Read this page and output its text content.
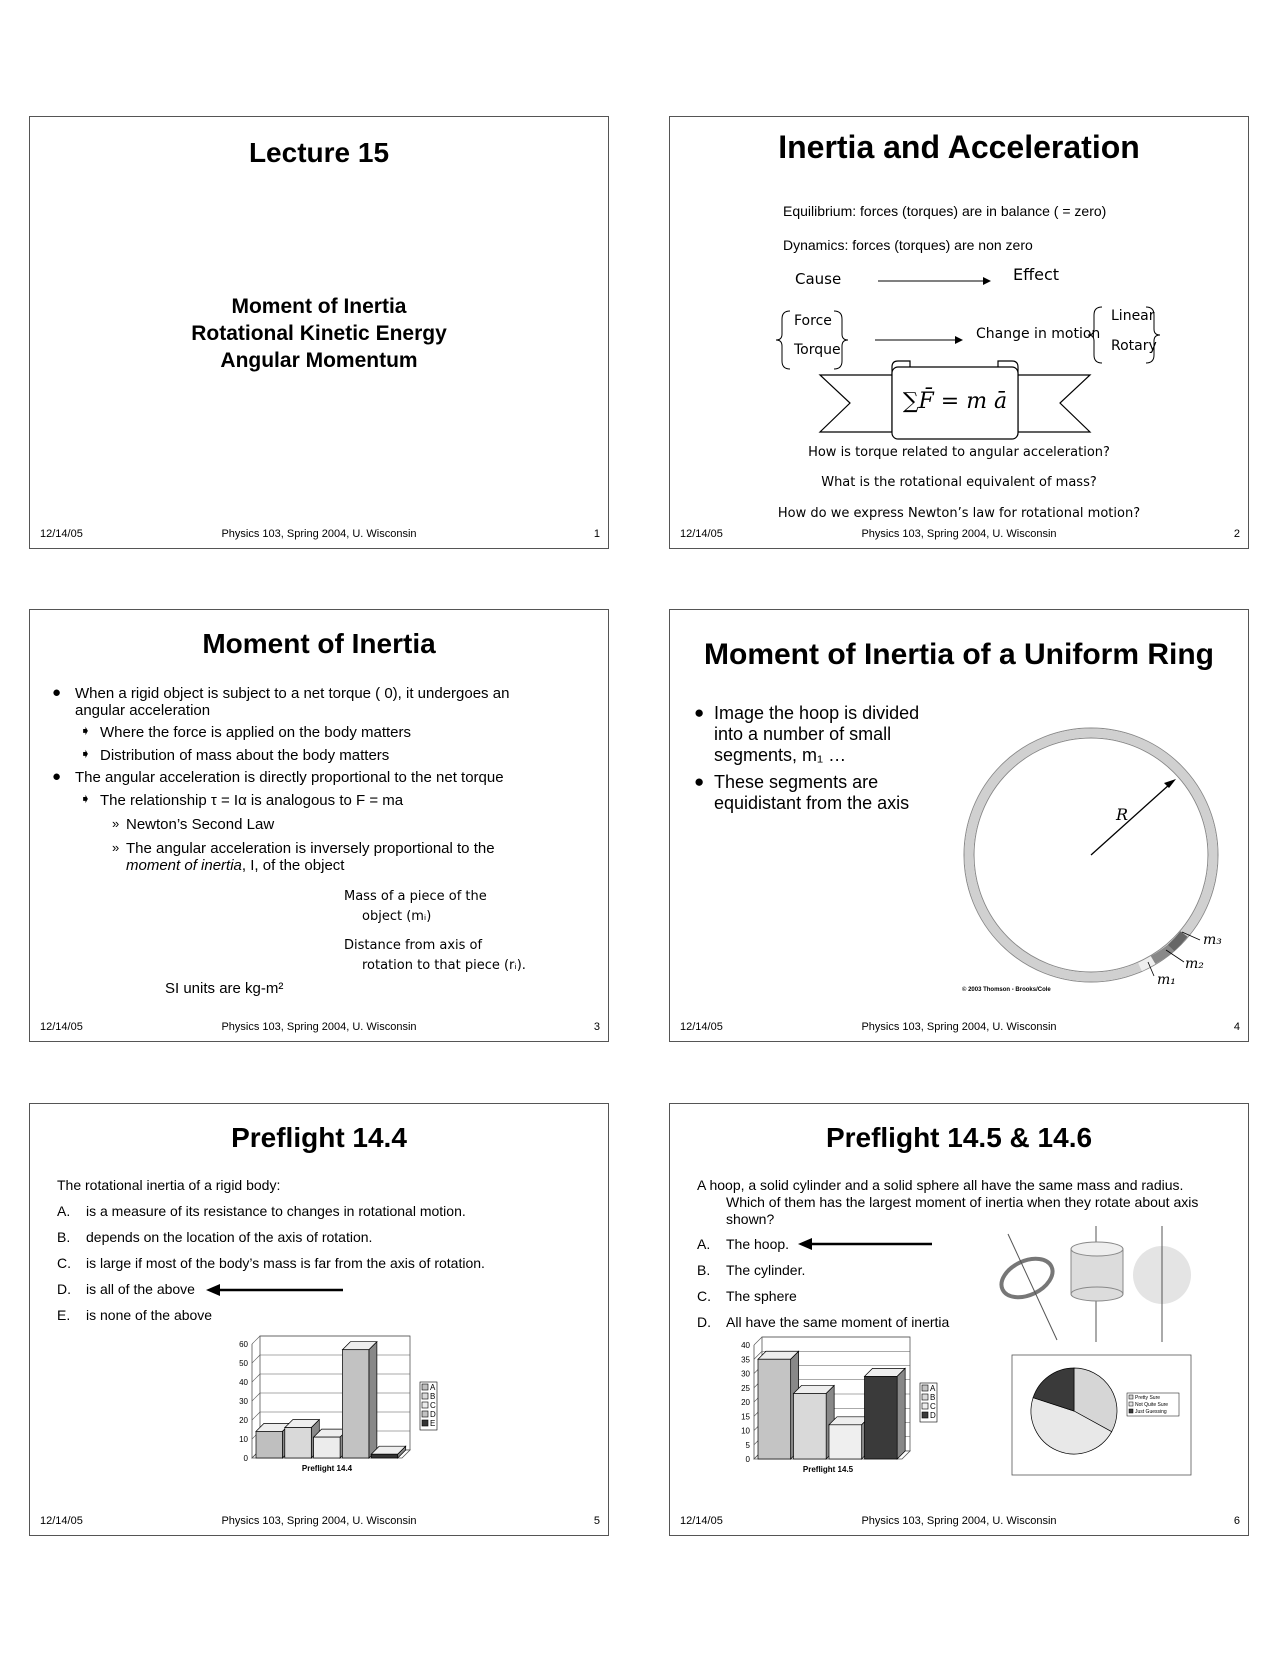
Lecture 15
Moment of Inertia
Rotational Kinetic Energy
Angular Momentum
12/14/05	Physics 103, Spring 2004, U. Wisconsin	1
Inertia and Acceleration
Equilibrium: forces (torques) are in balance ( = zero)
Dynamics: forces (torques) are non zero
Cause	Effect
Force
Torque
Change in motion
Linear
Rotary
∑F̄ = m ā
How is torque related to angular acceleration?
What is the rotational equivalent of mass?
How do we express Newton’s law for rotational motion?
12/14/05	Physics 103, Spring 2004, U. Wisconsin	2
Moment of Inertia
● When a rigid object is subject to a net torque ( 0), it undergoes an
angular acceleration
➧ Where the force is applied on the body matters
➧ Distribution of mass about the body matters
● The angular acceleration is directly proportional to the net torque
➧ The relationship τ = Iα is analogous to F = ma
» Newton’s Second Law
» The angular acceleration is inversely proportional to the
moment of inertia, I, of the object
Mass of a piece of the
object (mᵢ)
Distance from axis of
rotation to that piece (rᵢ).
SI units are kg-m²
12/14/05	Physics 103, Spring 2004, U. Wisconsin	3
Moment of Inertia of a Uniform Ring
● Image the hoop is divided
into a number of small
segments, m₁ …
● These segments are
equidistant from the axis
R
m₃
m₂
m₁
© 2003 Thomson - Brooks/Cole
12/14/05	Physics 103, Spring 2004, U. Wisconsin	4
Preflight 14.4
The rotational inertia of a rigid body:
A. is a measure of its resistance to changes in rotational motion.
B. depends on the location of the axis of rotation.
C. is large if most of the body’s mass is far from the axis of rotation.
D. is all of the above
E. is none of the above
0
10
20
30
40
50
60
Preflight 14.4
A
B
C
D
E
12/14/05	Physics 103, Spring 2004, U. Wisconsin	5
Preflight 14.5 & 14.6
A hoop, a solid cylinder and a solid sphere all have the same mass and radius.
Which of them has the largest moment of inertia when they rotate about axis
shown?
A. The hoop.
B. The cylinder.
C. The sphere
D. All have the same moment of inertia
0
5
10
15
20
25
30
35
40
Preflight 14.5
A
B
C
D
Pretty Sure
Not Quite Sure
Just Guessing
12/14/05	Physics 103, Spring 2004, U. Wisconsin	6
